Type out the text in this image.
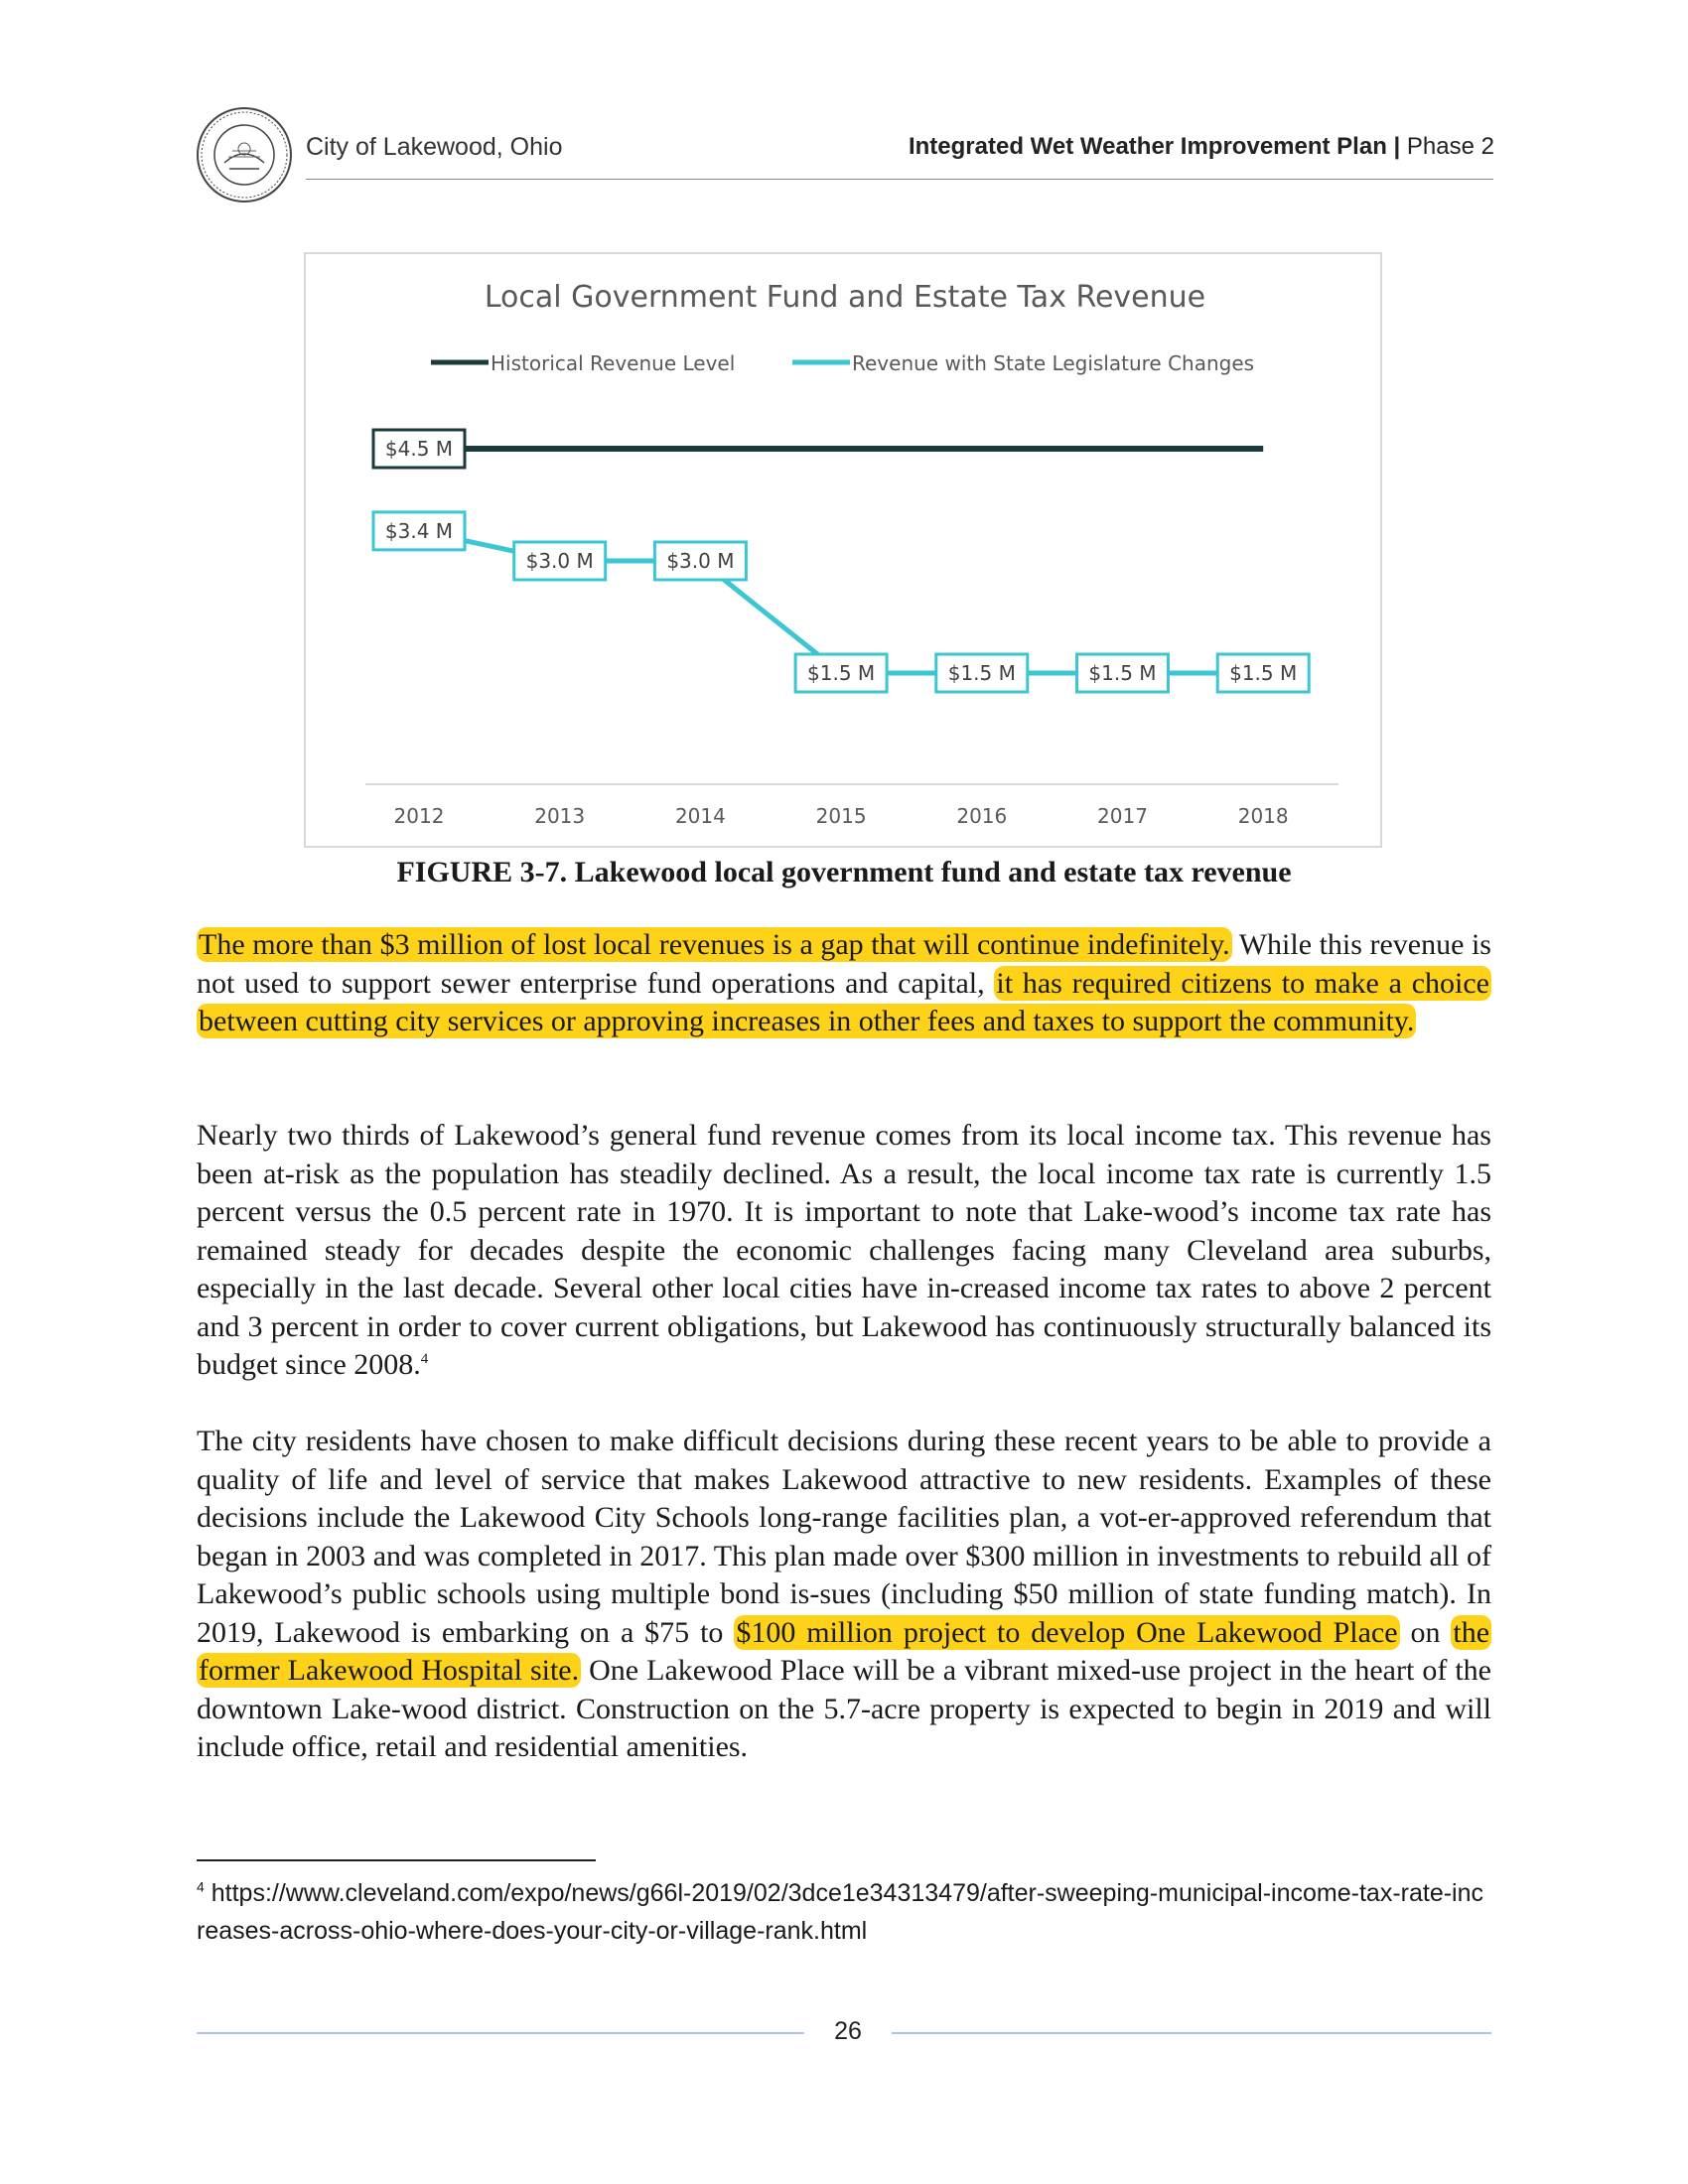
City of Lakewood, Ohio	Integrated Wet Weather Improvement Plan | Phase 2
Local Government Fund and Estate Tax Revenue
Historical Revenue Level	Revenue with State Legislature Changes
2012	2013	2014	2015	2016	2017	2018
$4.5 M
$3.4 M
$3.0 M	$3.0 M
$1.5 M	$1.5 M	$1.5 M	$1.5 M
FIGURE 3-7. Lakewood local government fund and estate tax revenue
The more than $3 million of lost local revenues is a gap that will continue indefinitely. While this revenue is not used to support sewer enterprise fund operations and capital, it has required citizens to make a choice between cutting city services or approving increases in other fees and taxes to support the community.
Nearly two thirds of Lakewood’s general fund revenue comes from its local income tax. This revenue has been at-risk as the population has steadily declined. As a result, the local income tax rate is currently 1.5 percent versus the 0.5 percent rate in 1970. It is important to note that Lake-wood’s income tax rate has remained steady for decades despite the economic challenges facing many Cleveland area suburbs, especially in the last decade. Several other local cities have in-creased income tax rates to above 2 percent and 3 percent in order to cover current obligations, but Lakewood has continuously structurally balanced its budget since 2008.$^4$
The city residents have chosen to make difficult decisions during these recent years to be able to provide a quality of life and level of service that makes Lakewood attractive to new residents. Examples of these decisions include the Lakewood City Schools long-range facilities plan, a vot-er-approved referendum that began in 2003 and was completed in 2017. This plan made over $300 million in investments to rebuild all of Lakewood’s public schools using multiple bond is-sues (including $50 million of state funding match). In 2019, Lakewood is embarking on a $75 to $100 million project to develop One Lakewood Place on the former Lakewood Hospital site. One Lakewood Place will be a vibrant mixed-use project in the heart of the downtown Lake-wood district. Construction on the 5.7-acre property is expected to begin in 2019 and will include office, retail and residential amenities.
$^4$ https://www.cleveland.com/expo/news/g66l-2019/02/3dce1e34313479/after-sweeping-municipal-income-tax-rate-increases-across-ohio-where-does-your-city-or-village-rank.html
26
